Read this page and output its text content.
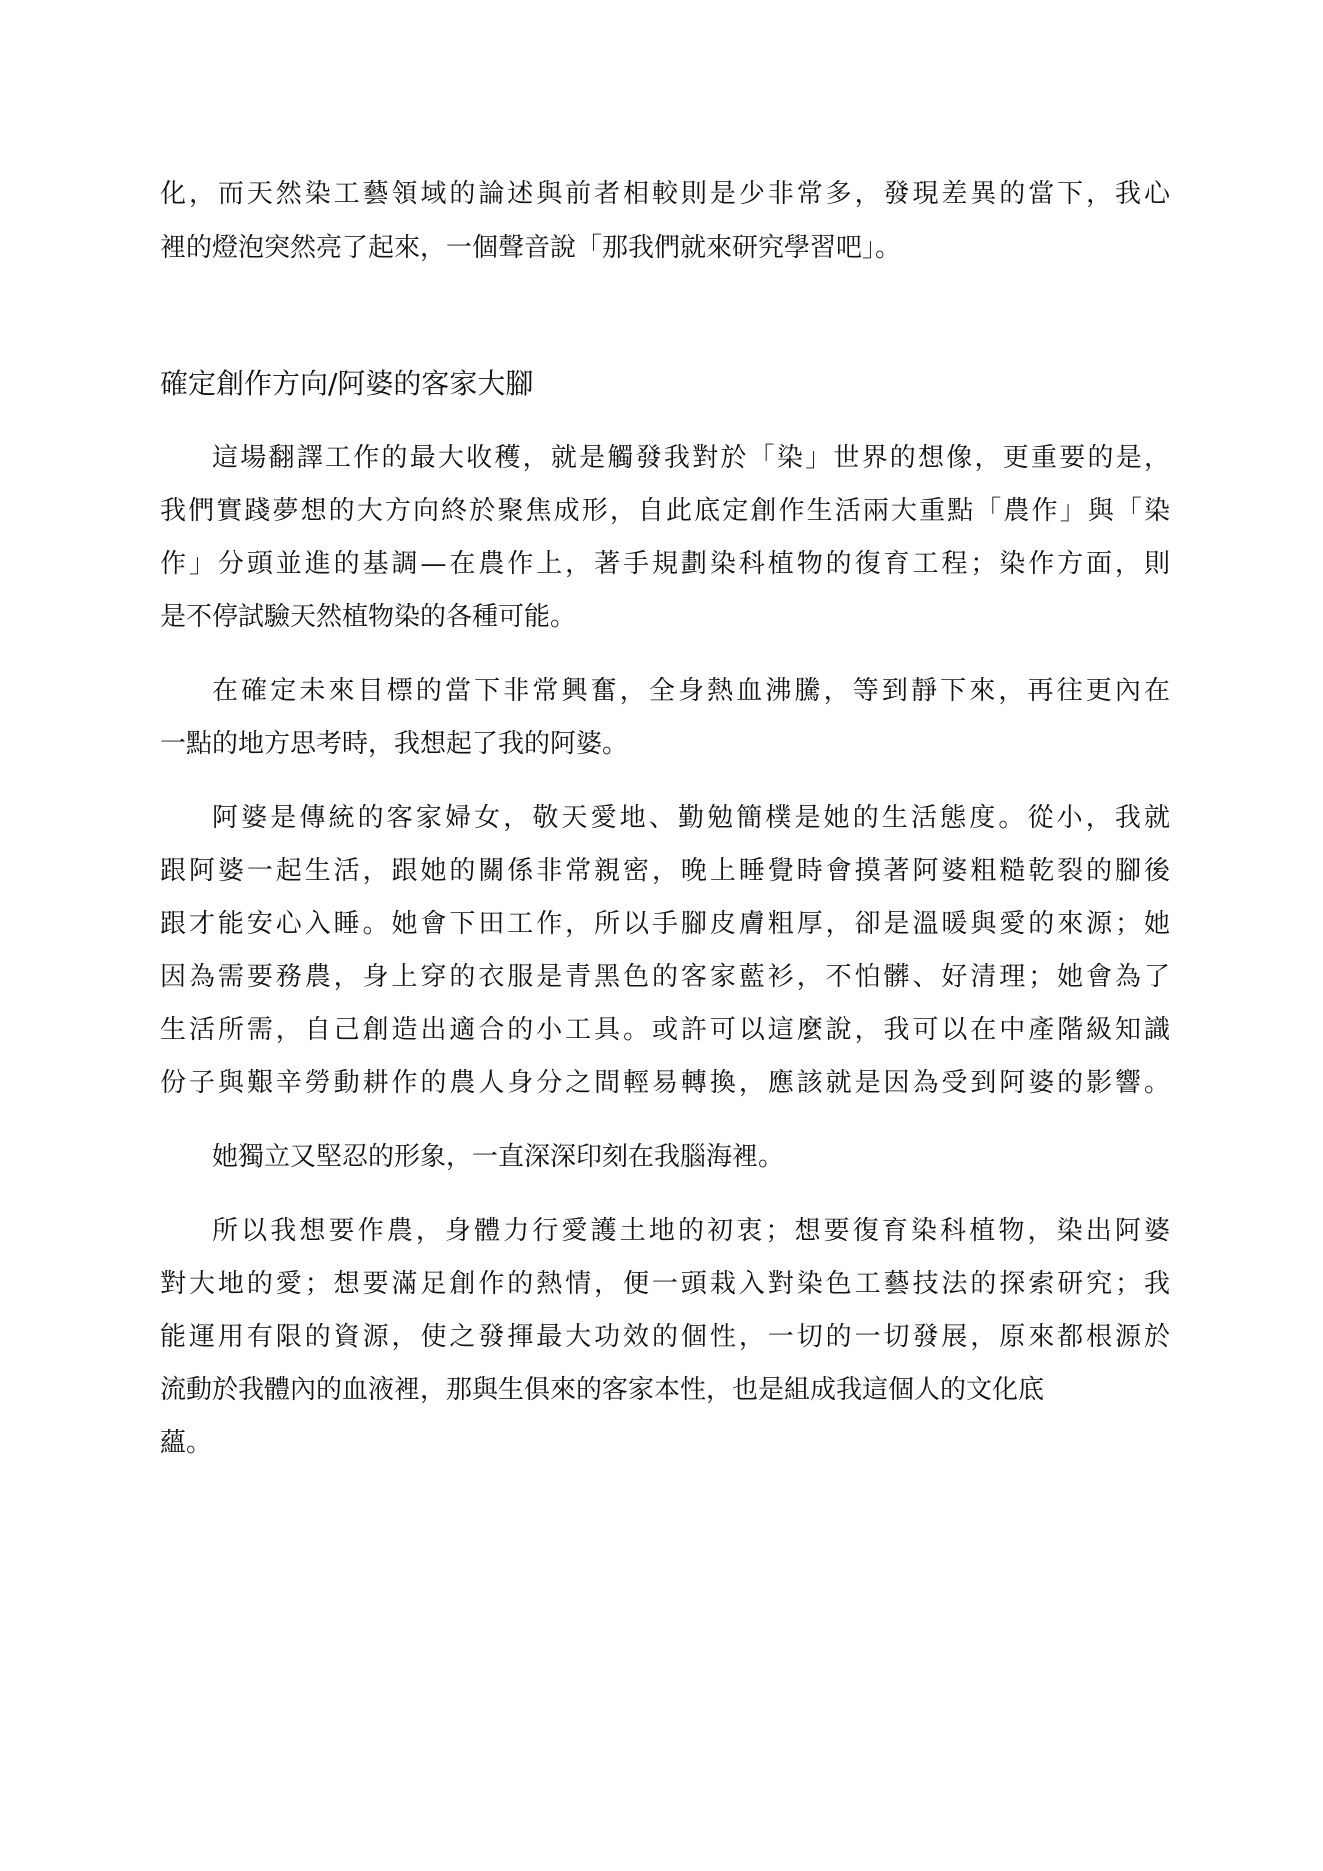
化，而天然染工藝領域的論述與前者相較則是少非常多，發現差異的當下，我心
裡的燈泡突然亮了起來，一個聲音說「那我們就來研究學習吧」。
確定創作方向/阿婆的客家大腳
這場翻譯工作的最大收穫，就是觸發我對於「染」世界的想像，更重要的是，
我們實踐夢想的大方向終於聚焦成形，自此底定創作生活兩大重點「農作」與「染
作」分頭並進的基調—在農作上，著手規劃染科植物的復育工程；染作方面，則
是不停試驗天然植物染的各種可能。
在確定未來目標的當下非常興奮，全身熱血沸騰，等到靜下來，再往更內在
一點的地方思考時，我想起了我的阿婆。
阿婆是傳統的客家婦女，敬天愛地、勤勉簡樸是她的生活態度。從小，我就
跟阿婆一起生活，跟她的關係非常親密，晚上睡覺時會摸著阿婆粗糙乾裂的腳後
跟才能安心入睡。她會下田工作，所以手腳皮膚粗厚，卻是溫暖與愛的來源；她
因為需要務農，身上穿的衣服是青黑色的客家藍衫，不怕髒、好清理；她會為了
生活所需，自己創造出適合的小工具。或許可以這麼說，我可以在中產階級知識
份子與艱辛勞動耕作的農人身分之間輕易轉換，應該就是因為受到阿婆的影響。
她獨立又堅忍的形象，一直深深印刻在我腦海裡。
所以我想要作農，身體力行愛護土地的初衷；想要復育染科植物，染出阿婆
對大地的愛；想要滿足創作的熱情，便一頭栽入對染色工藝技法的探索研究；我
能運用有限的資源，使之發揮最大功效的個性，一切的一切發展，原來都根源於
流動於我體內的血液裡，那與生俱來的客家本性，也是組成我這個人的文化底
蘊。
